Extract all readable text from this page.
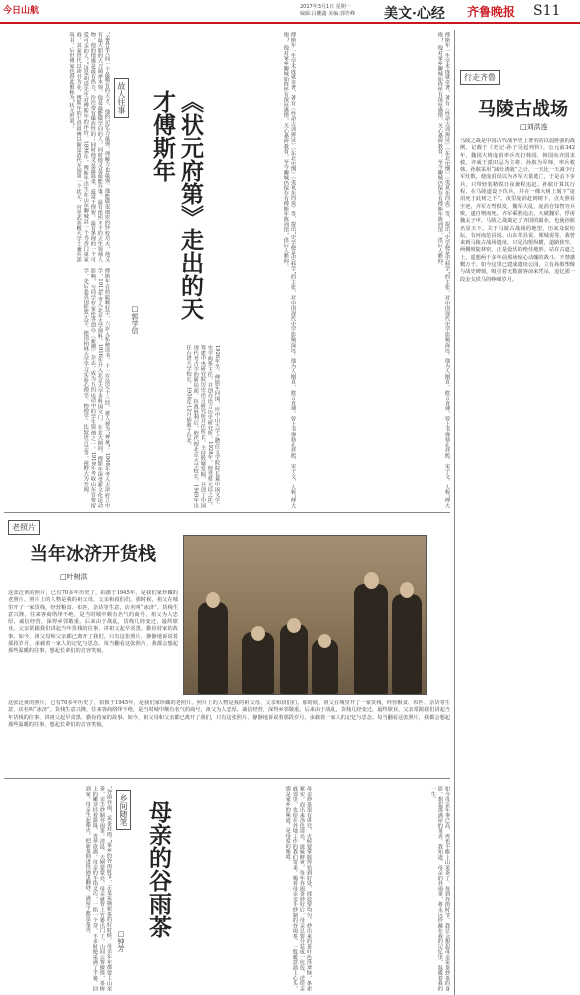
今日山航	2017年3月1日 星期一
编辑:白鹏鑫 美编:郭作峰 美文·心经 齐鲁晚报 S11
故人往事	《状元府第》走出的天才傅斯年
□郭学信
“孟真是人间一个最稀有的天才，他的记忆力最强，理解力也最强。他能做很细密的钞校功夫，他又有最大胆的大刀阔斧本领。他是最能做学问的人，同时他又是最能办事，最有组织才干的天生领袖人物。他的情感是最有热力，往往带有爆炸性的；同时他又是最温柔、最富于理智。最有条理的一个可爱可亲的人。”这是胡适先生对傅斯年的评价。1896年，傅斯年出生在山东聊城县一个书香门第家庭，其家世代以读书为业，傅斯年的七世祖傅以渐是清代开国第一个状元，官至武英殿大学士兼兵部尚书，后世傅家也因此被称为“状元府第”。
傅斯年自幼聪颖好学，六岁入私塾读书，十一岁读完十三经，被人视为“神童”。1909年考入天津府立中学，1913年考入北京大学预科，1916年升入北京大学本科国文门。在北大期间，傅斯年深受新文化运动影响，与同学罗家伦等创办《新潮》杂志，成为五四运动中的学生领袖之一。1919年考取山东官费留学，先后赴英国伦敦大学、德国柏林大学学习实验心理学、物理学、比较语言学等，视野大为开阔。	1926年冬，傅斯年回国，应中山大学之聘任文学院院长兼中国文学、史学两系主任，并创办语言历史研究所。1928年，他受蔡元培之托，筹建中央研究院历史语言研究所并任所长，主持殷墟发掘，开创了中国现代考古学的新局面。抗战胜利后，他代理北京大学校长，1949年出任台湾大学校长，1950年12月病逝于台北。	傅斯年一生学术成就卓著，著有《性命古训辨证》《东北史纲》《夷夏东西说》等，提出“史学便是史料学”的主张，对中国现代史学影响深远。他为人刚直，敢言直谏，曾上书弹劾孔祥熙、宋子文，人称“傅大炮”。他对家乡聊城始终怀有深厚感情，关心桑梓教育，至今聊城仍保存有傅斯年陈列馆，供后人瞻仰。	傅斯年一生学术成就卓著，著有《性命古训辨证》《东北史纲》《夷夏东西说》等，提出“史学便是史料学”的主张，对中国现代史学影响深远。他为人刚直，敢言直谏，曾上书弹劾孔祥熙、宋子文，人称“傅大炮”。他对家乡聊城始终怀有深厚感情，关心桑梓教育，至今聊城仍保存有傅斯年陈列馆，供后人瞻仰。	行走齐鲁
马陵古战场
□刘洪连
马陵之战是中国古代战争史上著名的以弱胜强的战例，记载于《史记·孙子吴起列传》。公元前342年，魏国大将庞涓率兵攻打韩国，韩国向齐国求救。齐威王派田忌为主将、孙膑为军师，率兵救韩。孙膑采用“减灶诱敌”之计，一天比一天减少行军灶数，使庞涓误以为齐军大量逃亡，于是丢下步兵，只带轻装精锐日夜兼程追赶。孙膑计算其行程，在马陵道设下伏兵，并在一棵大树上刻下“庞涓死于此树之下”。夜里庞涓赶到树下，点火照看字迹，齐军万弩俱发，魏军大乱，庞涓自知智穷兵败，遂自刎而死。齐军乘胜追击，大破魏军，俘虏魏太子申。马陵之战奠定了齐国的霸业，也使孙膑名显天下。关于马陵古战场的地望，历来众说纷纭，有河南范县说、山东莘县说、郯城说等。我曾来到马陵古战场遗址，只见沟壑纵横，道路狭窄，两侧坡陡林密，正是设伏的绝佳地形。站在古道之上，遥想两千多年前那场惊心动魄的战斗，不禁感慨万千。如今这里已建成遗址公园，立有孙膑塑像与战史碑刻，吸引着无数游客前来凭吊，追忆那一段金戈铁马的峥嵘岁月。
老照片
当年冰济开货栈
□叶树洪
这张泛黄的照片，已有70多年历史了，拍摄于1945年，是我们家珍藏的老照片。照片上的人物是我的祖父母、父亲和叔伯们。那时候，祖父在城里开了一家货栈，经营粮食、布匹、杂货等生意，店名叫“冰济”。货栈生意兴隆，往来客商络绎不绝，是当时城中颇有名气的商号。祖父为人忠厚，诚信经营，深得乡邻敬重。后来由于战乱，货栈几经变迁，最终歇业。父亲常跟我们讲起当年货栈的往事，讲祖父起早贪黑、勤俭持家的故事。如今，祖父母和父亲都已离开了我们，只有这张照片，静静地诉说着那段岁月，承载着一家人的记忆与思念。每当翻看这张照片，我都会想起那些温暖的往事，想起长辈们的音容笑貌。
这张泛黄的照片，已有70多年历史了，拍摄于1945年，是我们家珍藏的老照片。照片上的人物是我的祖父母、父亲和叔伯们。那时候，祖父在城里开了一家货栈，经营粮食、布匹、杂货等生意，店名叫“冰济”。货栈生意兴隆，往来客商络绎不绝，是当时城中颇有名气的商号。祖父为人忠厚，诚信经营，深得乡邻敬重。后来由于战乱，货栈几经变迁，最终歇业。父亲常跟我们讲起当年货栈的往事，讲祖父起早贪黑、勤俭持家的故事。如今，祖父母和父亲都已离开了我们，只有这张照片，静静地诉说着那段岁月，承载着一家人的记忆与思念。每当翻看这张照片，我都会想起那些温暖的往事，想起长辈们的音容笑貌。
乡间随笔 母亲的谷雨茶
□钟芳
“谷雨谷雨，采茶对雨。”家乡的谷雨时节，正是采摘新茶的好时候。母亲年年都要上山采茶，亲手炒制谷雨茶。清晨，天刚蒙蒙亮，母亲就背上竹篓出门了，山间云雾缭绕，茶树上的嫩芽挂着露珠，青翠欲滴。母亲的手指灵巧，一掐一个芽，不多时便采满了半篓。回到家，母亲生起柴火，把新茶倒进铁锅里翻炒，满屋子都是茶香。	母亲炒茶很有讲究，火候要掌握得恰到好处，揉捻要均匀，炒出来的茶叶色泽翠绿，条索紧实，泡出来汤色清亮，滋味鲜爽。每年谷雨茶炒好后，母亲总要分装成一包包，送给亲戚邻里，也给在外地工作的我们寄来。喝着母亲亲手炒制的谷雨茶，一股暖意涌上心头，那是家乡的味道，是母爱的味道。	如今母亲年事已高，再也不能上山采茶了。每到谷雨时节，我总会想起母亲采茶炒茶的身影，想起那满屋的茶香。我知道，母亲的谷雨茶，将永远珍藏在我的记忆里，温暖着我的一生。
